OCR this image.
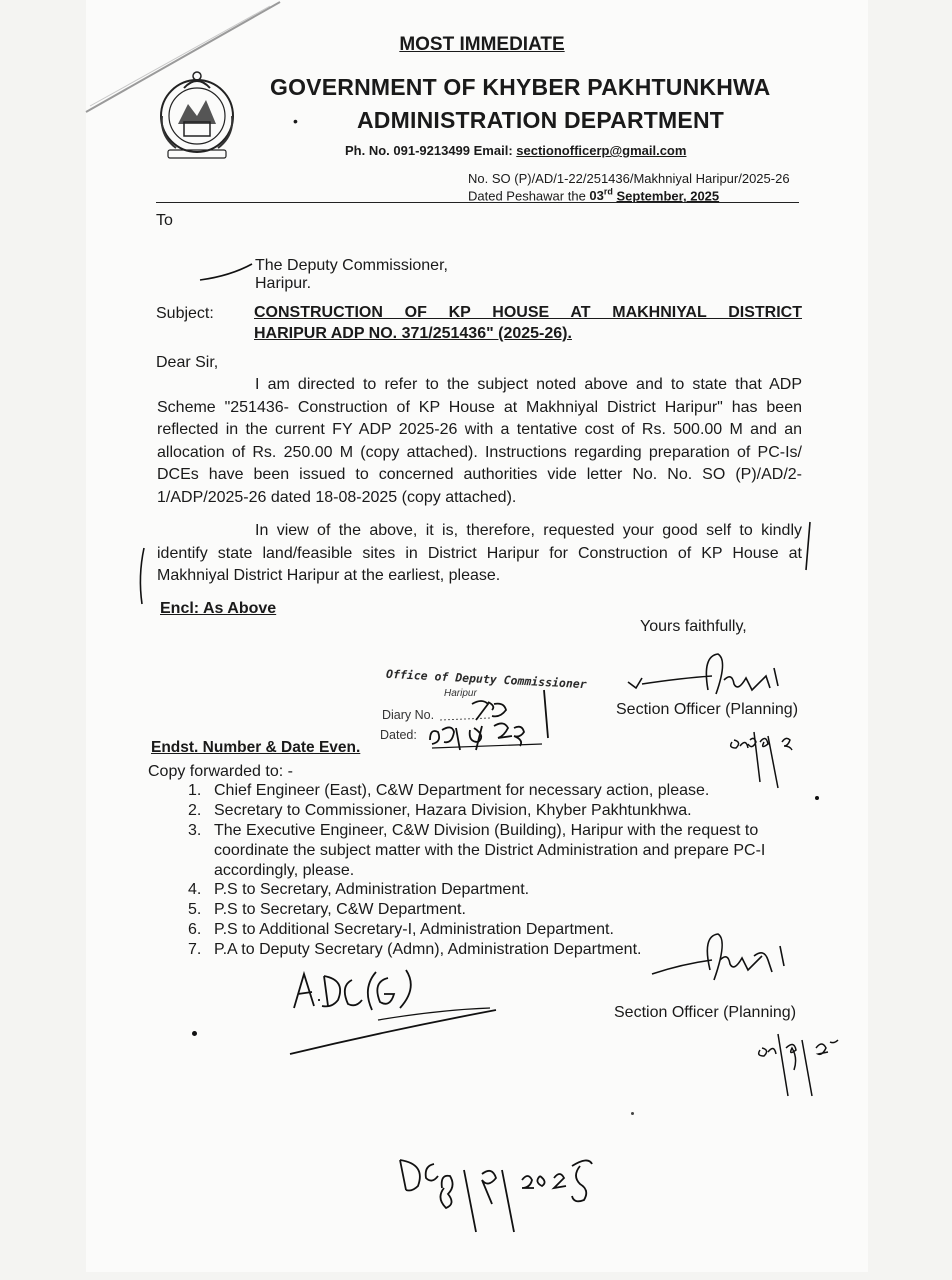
MOST IMMEDIATE
GOVERNMENT OF KHYBER PAKHTUNKHWA
•	ADMINISTRATION DEPARTMENT
Ph. No. 091-9213499 Email: sectionofficerp@gmail.com
No. SO (P)/AD/1-22/251436/Makhniyal Haripur/2025-26
Dated Peshawar the 03rd September, 2025
To
The Deputy Commissioner,
Haripur.
Subject:	CONSTRUCTION OF KP HOUSE AT MAKHNIYAL DISTRICT
HARIPUR ADP NO. 371/251436" (2025-26).
Dear Sir,
I am directed to refer to the subject noted above and to state that ADP Scheme "251436- Construction of KP House at Makhniyal District Haripur" has been reflected in the current FY ADP 2025-26 with a tentative cost of Rs. 500.00 M and an allocation of Rs. 250.00 M (copy attached). Instructions regarding preparation of PC-Is/ DCEs have been issued to concerned authorities vide letter No. No. SO (P)/AD/2-1/ADP/2025-26 dated 18-08-2025 (copy attached).
In view of the above, it is, therefore, requested your good self to kindly identify state land/feasible sites in District Haripur for Construction of KP House at Makhniyal District Haripur at the earliest, please.
Encl: As Above
Yours faithfully,
Section Officer (Planning)
Office of Deputy Commissioner
Haripur
Diary No.
Dated:
Endst. Number & Date Even.
Copy forwarded to: -
1. Chief Engineer (East), C&W Department for necessary action, please.
2. Secretary to Commissioner, Hazara Division, Khyber Pakhtunkhwa.
3. The Executive Engineer, C&W Division (Building), Haripur with the request to coordinate the subject matter with the District Administration and prepare PC-I accordingly, please.
4. P.S to Secretary, Administration Department.
5. P.S to Secretary, C&W Department.
6. P.S to Additional Secretary-I, Administration Department.
7. P.A to Deputy Secretary (Admn), Administration Department.
Section Officer (Planning)
